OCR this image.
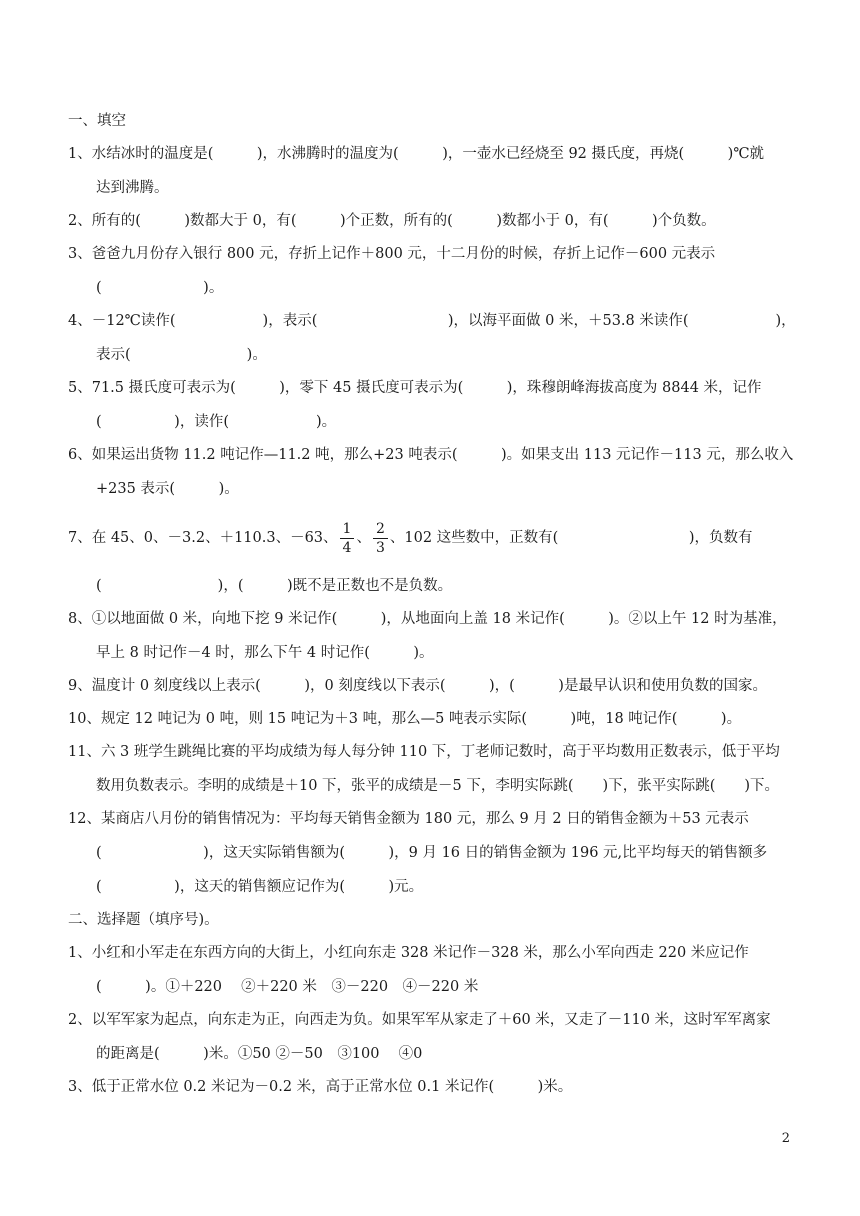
一、填空

1、水结冰时的温度是(　　　)，水沸腾时的温度为(　　　)，一壶水已经烧至 92 摄氏度，再烧(　　　)℃就

达到沸腾。

2、所有的(　　　)数都大于 0，有(　　　)个正数，所有的(　　　)数都小于 0，有(　　　)个负数。

3、爸爸九月份存入银行 800 元，存折上记作＋800 元，十二月份的时候，存折上记作－600 元表示

(　　　　　　　)。

4、－12℃读作(　　　　　　)，表示(　　　　　　　　　)，以海平面做 0 米，＋53.8 米读作(　　　　　　)，

表示(　　　　　　　　)。

5、71.5 摄氏度可表示为(　　　)，零下 45 摄氏度可表示为(　　　)，珠穆朗峰海拔高度为 8844 米，记作

(　　　　　)，读作(　　　　　　)。

6、如果运出货物 11.2 吨记作—11.2 吨，那么+23 吨表示(　　　)。如果支出 113 元记作－113 元，那么收入

+235 表示(　　　)。

7、在 45、0、－3.2、＋110.3、－63、 $\frac{1}{4}$ 、 $\frac{2}{3}$ 、102 这些数中，正数有(　　　　　　　　　)，负数有

(　　　　　　　　)，(　　　)既不是正数也不是负数。

8、①以地面做 0 米，向地下挖 9 米记作(　　　)，从地面向上盖 18 米记作(　　　)。②以上午 12 时为基准，

早上 8 时记作－4 时，那么下午 4 时记作(　　　)。

9、温度计 0 刻度线以上表示(　　　)，0 刻度线以下表示(　　　)，(　　　)是最早认识和使用负数的国家。

10、规定 12 吨记为 0 吨，则 15 吨记为＋3 吨，那么—5 吨表示实际(　　　)吨，18 吨记作(　　　)。

11、六 3 班学生跳绳比赛的平均成绩为每人每分钟 110 下，丁老师记数时，高于平均数用正数表示，低于平均

数用负数表示。李明的成绩是＋10 下，张平的成绩是－5 下，李明实际跳(　　)下，张平实际跳(　　)下。

12、某商店八月份的销售情况为：平均每天销售金额为 180 元，那么 9 月 2 日的销售金额为＋53 元表示

(　　　　　　　)，这天实际销售额为(　　　)，9 月 16 日的销售金额为 196 元,比平均每天的销售额多

(　　　　　)，这天的销售额应记作为(　　　)元。

二、选择题（填序号)。

1、小红和小军走在东西方向的大街上，小红向东走 328 米记作－328 米，那么小军向西走 220 米应记作

(　　　)。①＋220　 ②＋220 米　③－220　④－220 米

2、以军军家为起点，向东走为正，向西走为负。如果军军从家走了＋60 米，又走了－110 米，这时军军离家

的距离是(　　　)米。①50 ②－50　③100　 ④0

3、低于正常水位 0.2 米记为－0.2 米，高于正常水位 0.1 米记作(　　　)米。

2
